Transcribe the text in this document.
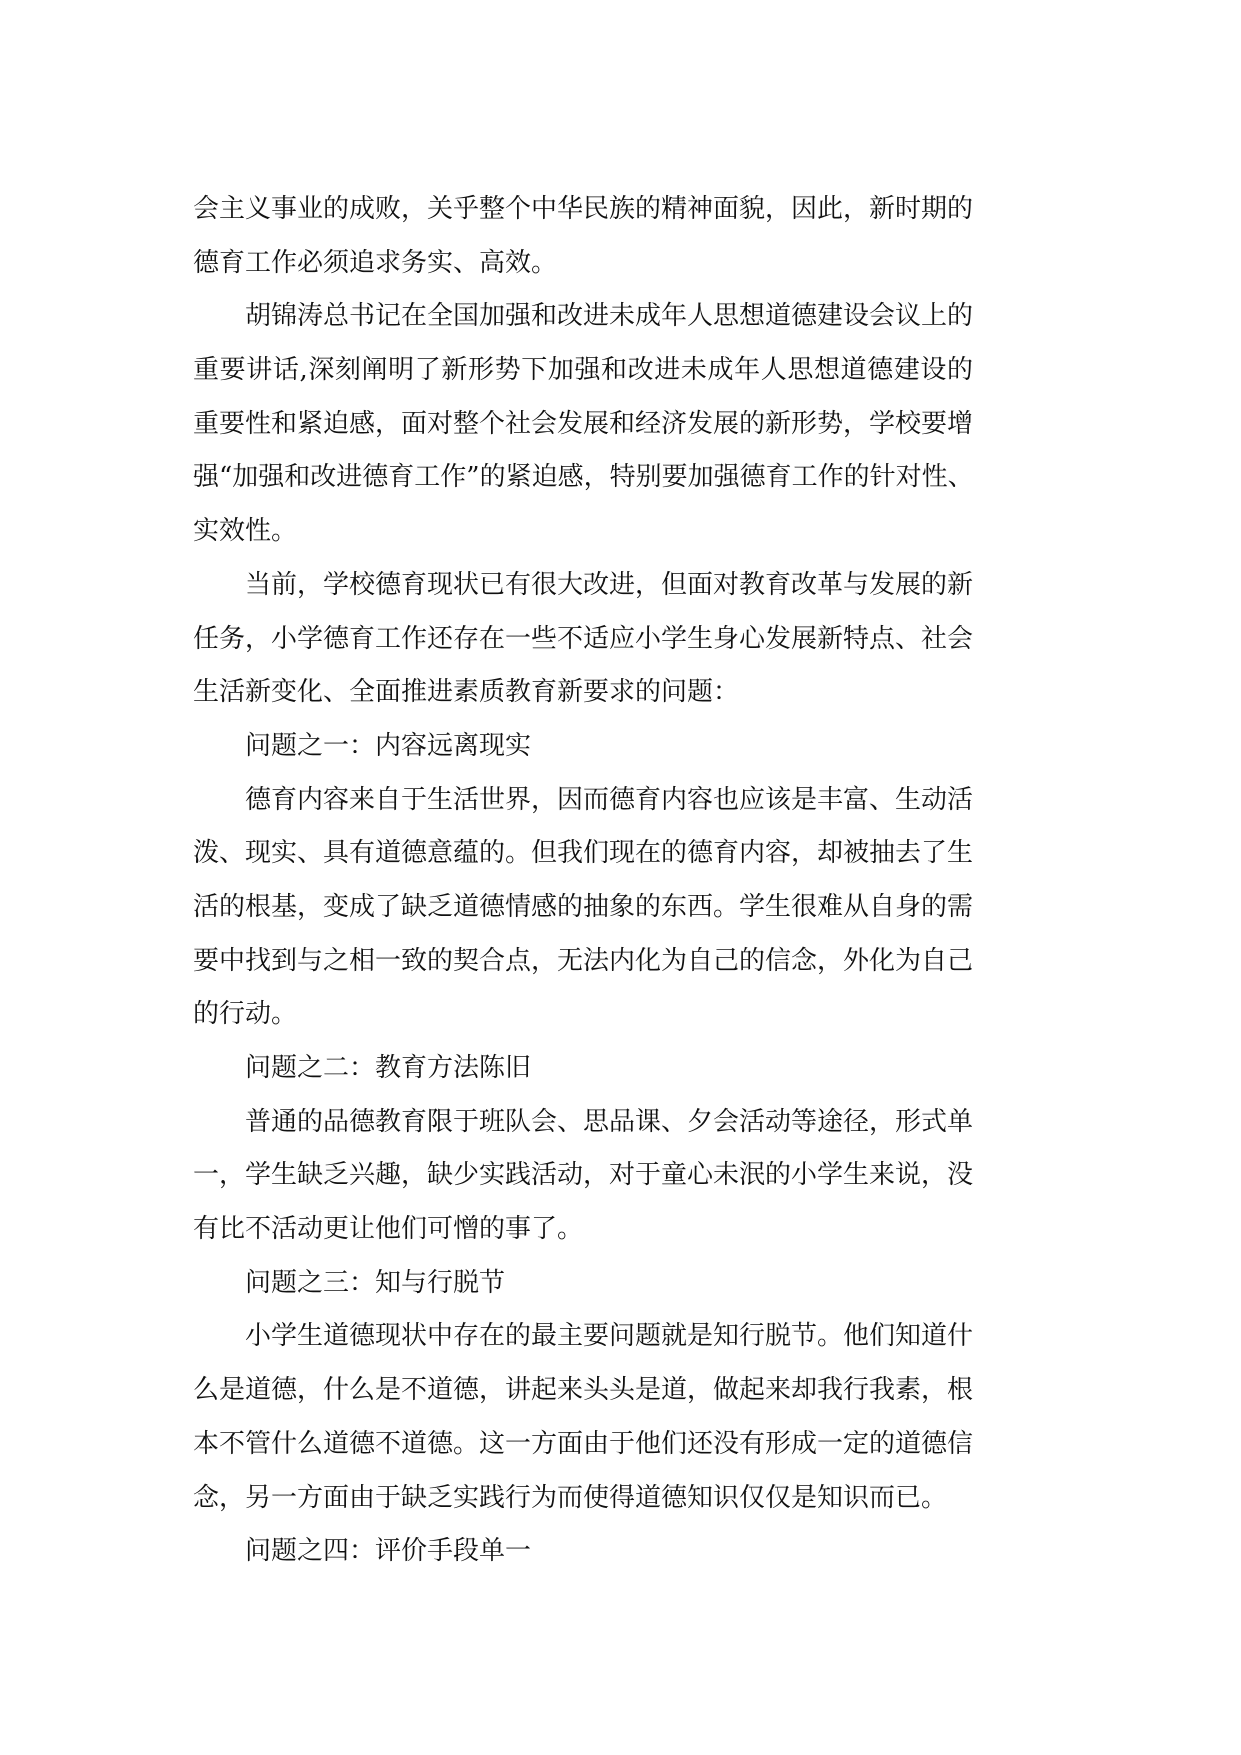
会主义事业的成败，关乎整个中华民族的精神面貌，因此，新时期的
德育工作必须追求务实、高效。
胡锦涛总书记在全国加强和改进未成年人思想道德建设会议上的
重要讲话,深刻阐明了新形势下加强和改进未成年人思想道德建设的
重要性和紧迫感，面对整个社会发展和经济发展的新形势，学校要增
强“加强和改进德育工作”的紧迫感，特别要加强德育工作的针对性、
实效性。
当前，学校德育现状已有很大改进，但面对教育改革与发展的新
任务，小学德育工作还存在一些不适应小学生身心发展新特点、社会
生活新变化、全面推进素质教育新要求的问题：
问题之一：内容远离现实
德育内容来自于生活世界，因而德育内容也应该是丰富、生动活
泼、现实、具有道德意蕴的。但我们现在的德育内容，却被抽去了生
活的根基，变成了缺乏道德情感的抽象的东西。学生很难从自身的需
要中找到与之相一致的契合点，无法内化为自己的信念，外化为自己
的行动。
问题之二：教育方法陈旧
普通的品德教育限于班队会、思品课、夕会活动等途径，形式单
一，学生缺乏兴趣，缺少实践活动，对于童心未泯的小学生来说，没
有比不活动更让他们可憎的事了。
问题之三：知与行脱节
小学生道德现状中存在的最主要问题就是知行脱节。他们知道什
么是道德，什么是不道德，讲起来头头是道，做起来却我行我素，根
本不管什么道德不道德。这一方面由于他们还没有形成一定的道德信
念，另一方面由于缺乏实践行为而使得道德知识仅仅是知识而已。
问题之四：评价手段单一
